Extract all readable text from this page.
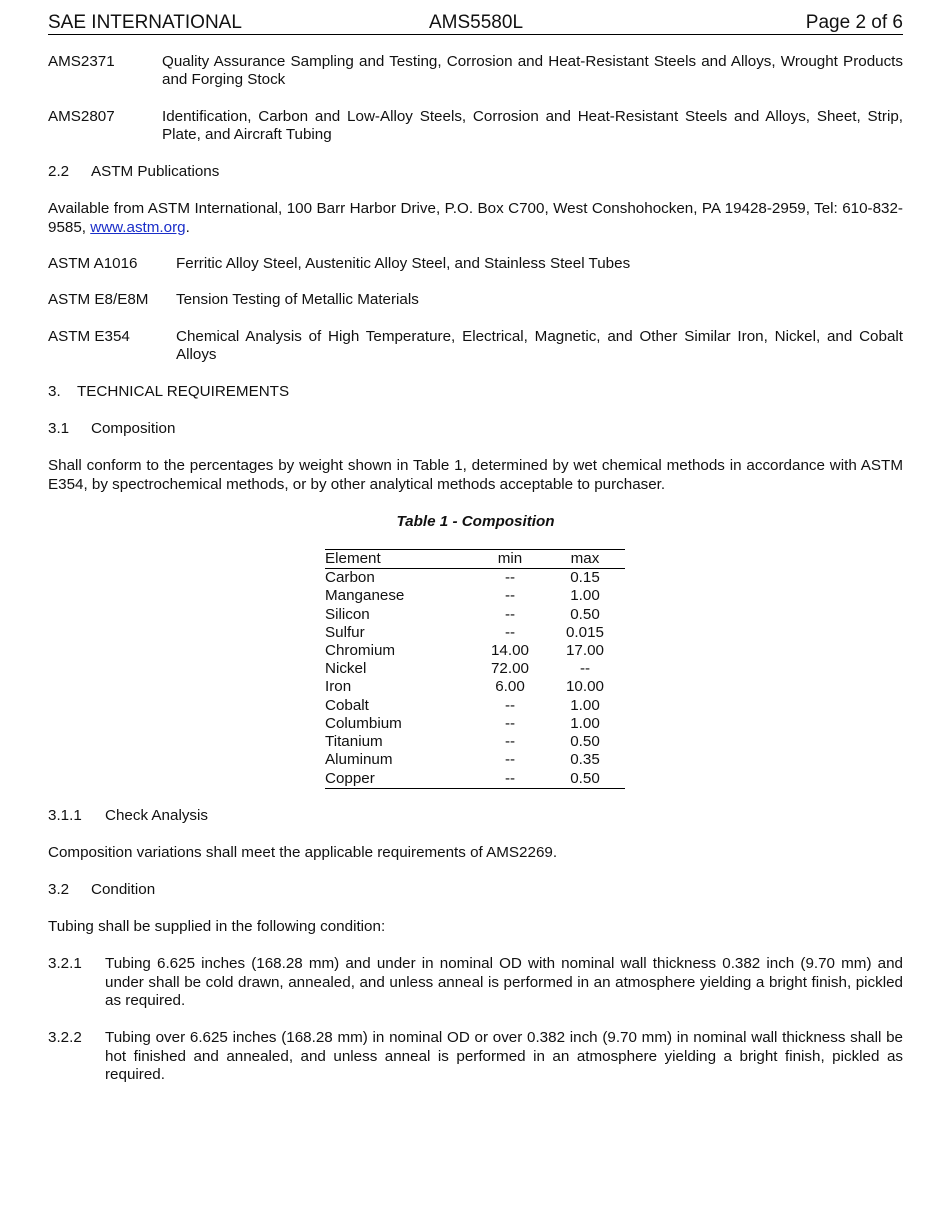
SAE INTERNATIONAL	AMS5580L	Page 2 of 6
AMS2371	Quality Assurance Sampling and Testing, Corrosion and Heat-Resistant Steels and Alloys, Wrought Products and Forging Stock
AMS2807	Identification, Carbon and Low-Alloy Steels, Corrosion and Heat-Resistant Steels and Alloys, Sheet, Strip, Plate, and Aircraft Tubing
2.2 ASTM Publications
Available from ASTM International, 100 Barr Harbor Drive, P.O. Box C700, West Conshohocken, PA 19428-2959, Tel: 610-832-9585, www.astm.org.
ASTM A1016	Ferritic Alloy Steel, Austenitic Alloy Steel, and Stainless Steel Tubes
ASTM E8/E8M Tension Testing of Metallic Materials
ASTM E354	Chemical Analysis of High Temperature, Electrical, Magnetic, and Other Similar Iron, Nickel, and Cobalt Alloys
3. TECHNICAL REQUIREMENTS
3.1 Composition
Shall conform to the percentages by weight shown in Table 1, determined by wet chemical methods in accordance with ASTM E354, by spectrochemical methods, or by other analytical methods acceptable to purchaser.
Table 1 - Composition
Element	min	max
Carbon	--	0.15
Manganese	--	1.00
Silicon	--	0.50
Sulfur	--	0.015
Chromium	14.00	17.00
Nickel	72.00	--
Iron	6.00	10.00
Cobalt	--	1.00
Columbium	--	1.00
Titanium	--	0.50
Aluminum	--	0.35
Copper	--	0.50
3.1.1 Check Analysis
Composition variations shall meet the applicable requirements of AMS2269.
3.2 Condition
Tubing shall be supplied in the following condition:
3.2.1 Tubing 6.625 inches (168.28 mm) and under in nominal OD with nominal wall thickness 0.382 inch (9.70 mm) and under shall be cold drawn, annealed, and unless anneal is performed in an atmosphere yielding a bright finish, pickled as required.
3.2.2 Tubing over 6.625 inches (168.28 mm) in nominal OD or over 0.382 inch (9.70 mm) in nominal wall thickness shall be hot finished and annealed, and unless anneal is performed in an atmosphere yielding a bright finish, pickled as required.
